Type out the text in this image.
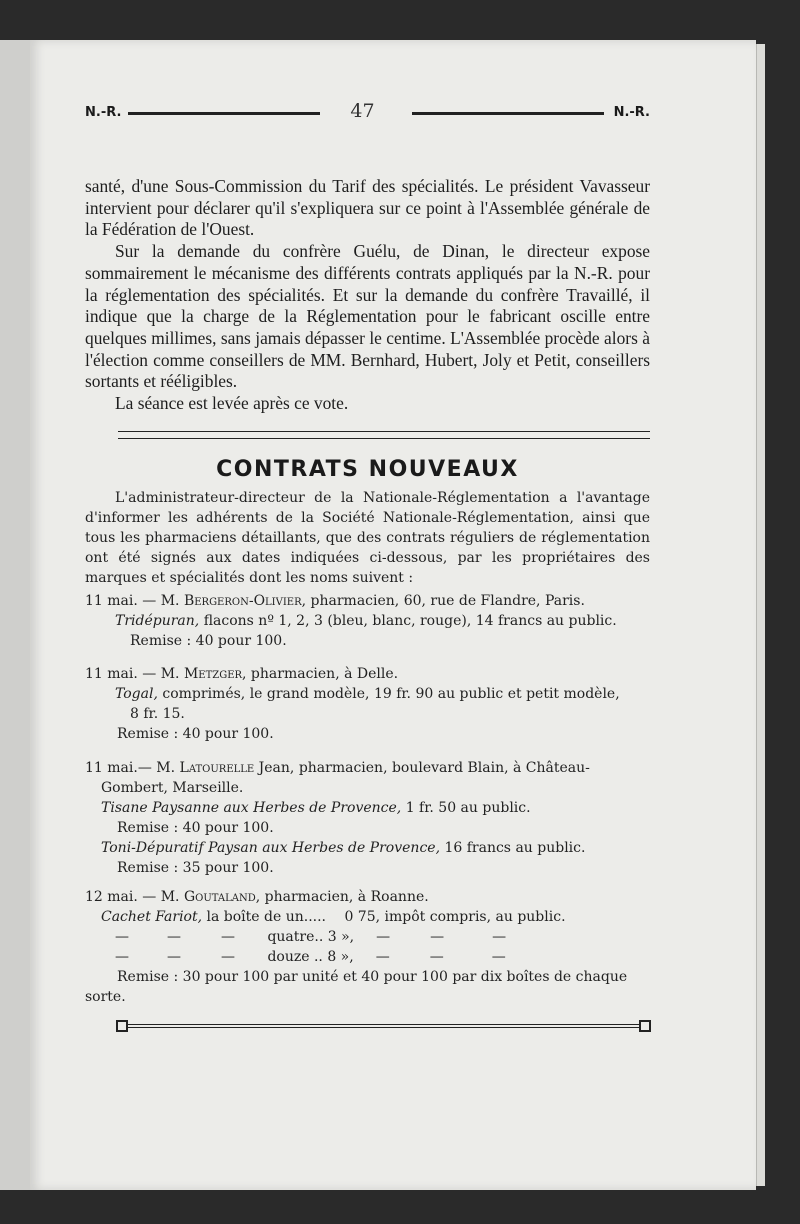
N.-R.	47	N.-R.

santé, d'une Sous-Commission du Tarif des spécialités. Le président Vavasseur intervient pour déclarer qu'il s'expliquera sur ce point à l'Assemblée générale de la Fédération de l'Ouest.

Sur la demande du confrère Guélu, de Dinan, le directeur expose sommairement le mécanisme des différents contrats appliqués par la N.-R. pour la réglementation des spécialités. Et sur la demande du confrère Travaillé, il indique que la charge de la Réglementation pour le fabricant oscille entre quelques millimes, sans jamais dépasser le centime. L'Assemblée procède alors à l'élection comme conseillers de MM. Bernhard, Hubert, Joly et Petit, conseillers sortants et rééligibles.

La séance est levée après ce vote.

CONTRATS NOUVEAUX

L'administrateur-directeur de la Nationale-Réglementation a l'avantage d'informer les adhérents de la Société Nationale-Réglementation, ainsi que tous les pharmaciens détaillants, que des contrats réguliers de réglementation ont été signés aux dates indiquées ci-dessous, par les propriétaires des marques et spécialités dont les noms suivent :

11 mai. — M. Bergeron-Olivier, pharmacien, 60, rue de Flandre, Paris.
Tridépuran, flacons nº 1, 2, 3 (bleu, blanc, rouge), 14 francs au public.
Remise : 40 pour 100.
11 mai. — M. Metzger, pharmacien, à Delle.
Togal, comprimés, le grand modèle, 19 fr. 90 au public et petit modèle,
8 fr. 15.
Remise : 40 pour 100.
11 mai.— M. Latourelle Jean, pharmacien, boulevard Blain, à Château-
Gombert, Marseille.
Tisane Paysanne aux Herbes de Provence, 1 fr. 50 au public.
Remise : 40 pour 100.
Toni-Dépuratif Paysan aux Herbes de Provence, 16 francs au public.
Remise : 35 pour 100.
12 mai. — M. Goutaland, pharmacien, à Roanne.
Cachet Fariot, la boîte de un..... 0 75, impôt compris, au public.
—	—	— quatre.. 3 », —	—	—
—	—	— douze .. 8 », —	—	—
Remise : 30 pour 100 par unité et 40 pour 100 par dix boîtes de chaque
sorte.
